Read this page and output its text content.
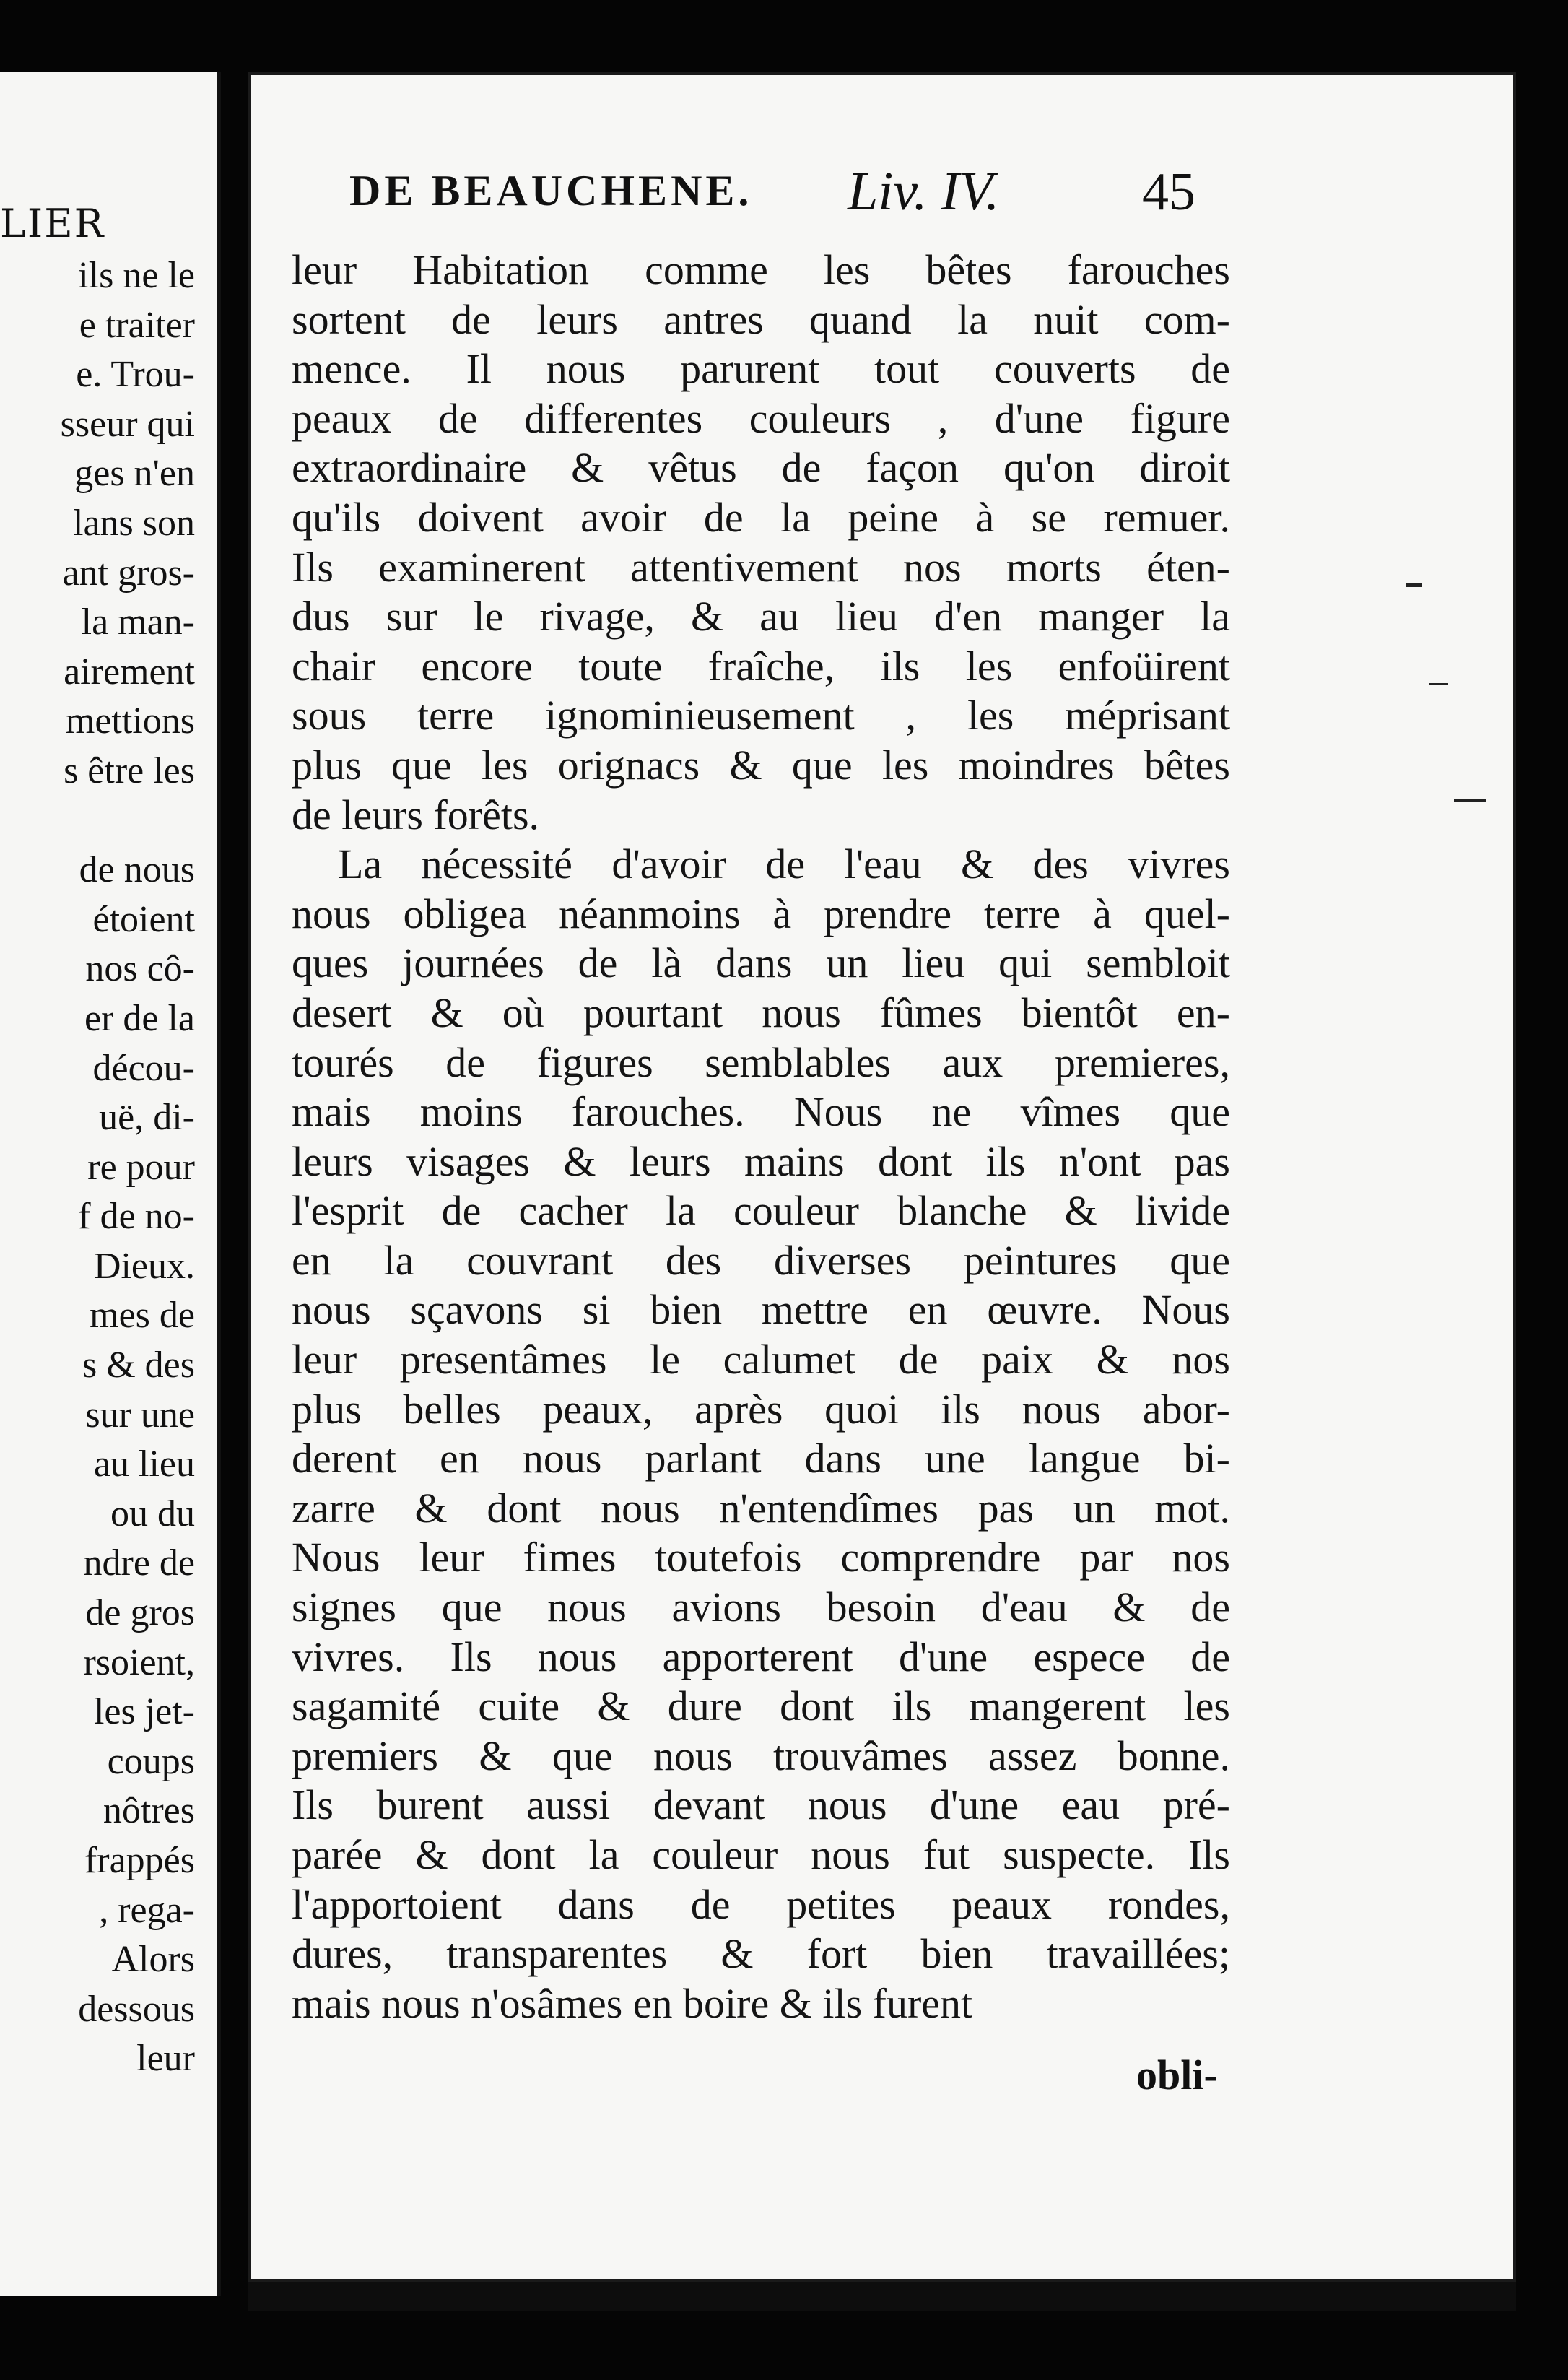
LIER
ils ne le
e traiter
e. Trou-
sseur qui
ges n'en
lans son
ant gros-
la man-
airement
mettions
s être les
de nous
étoient
nos cô-
er de la
décou-
uë, di-
re pour
f de no-
Dieux.
mes de
s & des
sur une
au lieu
ou du
ndre de
de gros
rsoient,
les jet-
coups
nôtres
frappés
, rega-
Alors
dessous
leur
DE BEAUCHENE. Liv. IV.	45
leur Habitation comme les bêtes farouches
sortent de leurs antres quand la nuit com-
mence. Il nous parurent tout couverts de
peaux de differentes couleurs , d'une figure
extraordinaire & vêtus de façon qu'on diroit
qu'ils doivent avoir de la peine à se remuer.
Ils examinerent attentivement nos morts éten-
dus sur le rivage, & au lieu d'en manger la
chair encore toute fraîche, ils les enfoüirent
sous terre ignominieusement , les méprisant
plus que les orignacs & que les moindres bêtes
de leurs forêts.
La nécessité d'avoir de l'eau & des vivres
nous obligea néanmoins à prendre terre à quel-
ques journées de là dans un lieu qui sembloit
desert & où pourtant nous fûmes bientôt en-
tourés de figures semblables aux premieres,
mais moins farouches. Nous ne vîmes que
leurs visages & leurs mains dont ils n'ont pas
l'esprit de cacher la couleur blanche & livide
en la couvrant des diverses peintures que
nous sçavons si bien mettre en œuvre. Nous
leur presentâmes le calumet de paix & nos
plus belles peaux, après quoi ils nous abor-
derent en nous parlant dans une langue bi-
zarre & dont nous n'entendîmes pas un mot.
Nous leur fimes toutefois comprendre par nos
signes que nous avions besoin d'eau & de
vivres. Ils nous apporterent d'une espece de
sagamité cuite & dure dont ils mangerent les
premiers & que nous trouvâmes assez bonne.
Ils burent aussi devant nous d'une eau pré-
parée & dont la couleur nous fut suspecte. Ils
l'apportoient dans de petites peaux rondes,
dures, transparentes & fort bien travaillées;
mais nous n'osâmes en boire & ils furent
obli-
